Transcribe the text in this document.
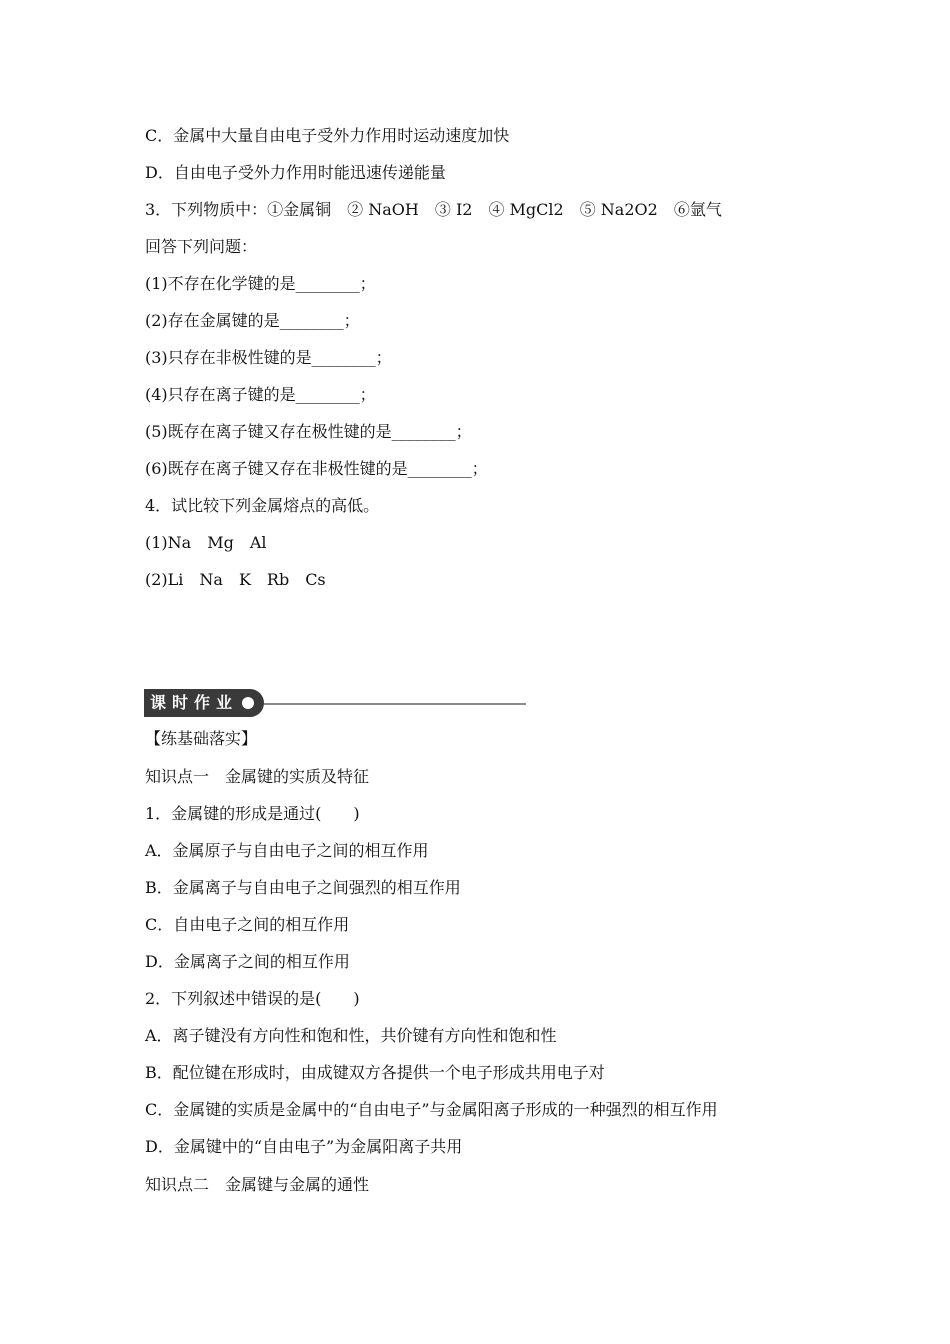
C．金属中大量自由电子受外力作用时运动速度加快
D．自由电子受外力作用时能迅速传递能量
3．下列物质中：①金属铜　② NaOH　③ I2　④ MgCl2　⑤ Na2O2　⑥氩气
回答下列问题：
(1)不存在化学键的是________；
(2)存在金属键的是________；
(3)只存在非极性键的是________；
(4)只存在离子键的是________；
(5)既存在离子键又存在极性键的是________；
(6)既存在离子键又存在非极性键的是________；
4．试比较下列金属熔点的高低。
(1)Na　Mg　Al
(2)Li　Na　K　Rb　Cs
课时作业
【练基础落实】
知识点一　金属键的实质及特征
1．金属键的形成是通过(　　)
A．金属原子与自由电子之间的相互作用
B．金属离子与自由电子之间强烈的相互作用
C．自由电子之间的相互作用
D．金属离子之间的相互作用
2．下列叙述中错误的是(　　)
A．离子键没有方向性和饱和性，共价键有方向性和饱和性
B．配位键在形成时，由成键双方各提供一个电子形成共用电子对
C．金属键的实质是金属中的“自由电子”与金属阳离子形成的一种强烈的相互作用
D．金属键中的“自由电子”为金属阳离子共用
知识点二　金属键与金属的通性
